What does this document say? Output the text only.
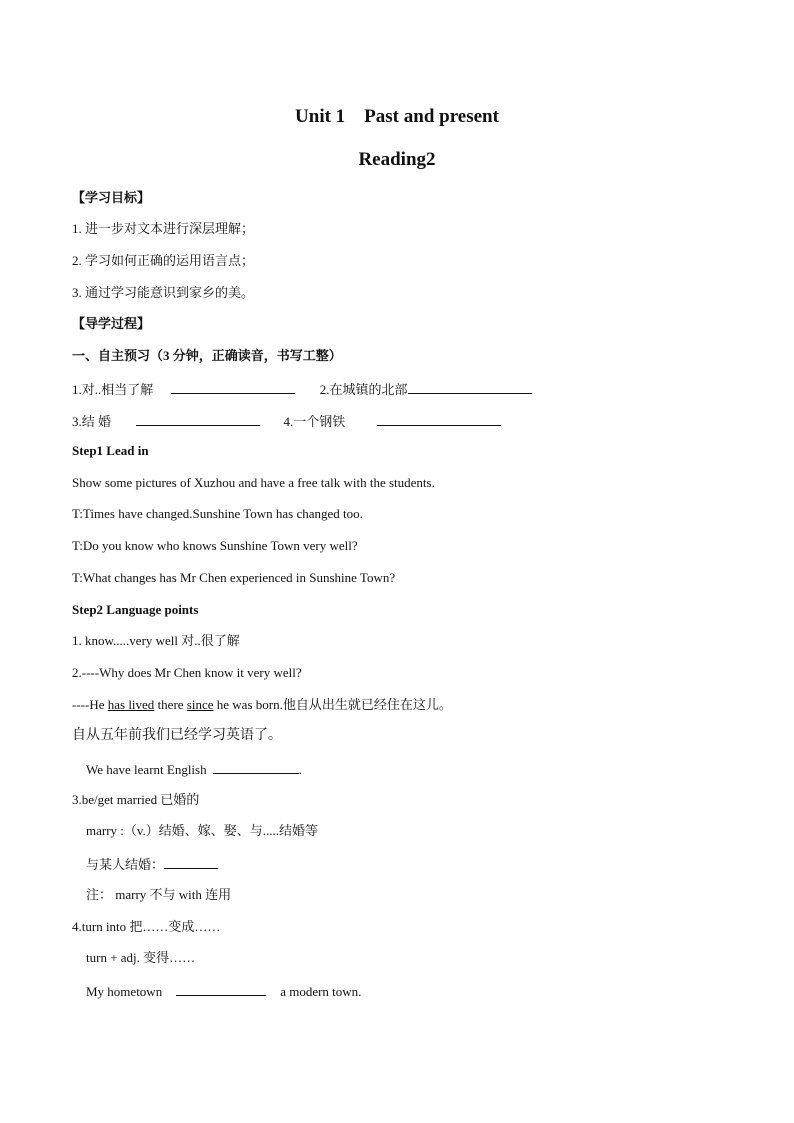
Unit 1    Past and present
Reading2
【学习目标】
1. 进一步对文本进行深层理解；
2. 学习如何正确的运用语言点；
3. 通过学习能意识到家乡的美。
【导学过程】
一、自主预习（3 分钟，正确读音，书写工整）
1.对..相当了解	2.在城镇的北部
3.结 婚	4.一个钢铁
Step1 Lead in
Show some pictures of Xuzhou and have a free talk with the students.
T:Times have changed.Sunshine Town has changed too.
T:Do you know who knows Sunshine Town very well?
T:What changes has Mr Chen experienced in Sunshine Town?
Step2 Language points
1. know.....very well 对..很了解
2.----Why does Mr Chen know it very well?
----He has lived there since he was born.他自从出生就已经住在这儿。
自从五年前我们已经学习英语了。
We have learnt English	.
3.be/get married 已婚的
marry :（v.）结婚、嫁、娶、与.....结婚等
与某人结婚：
注： marry 不与 with 连用
4.turn into 把……变成……
turn + adj. 变得……
My hometown	a modern town.
